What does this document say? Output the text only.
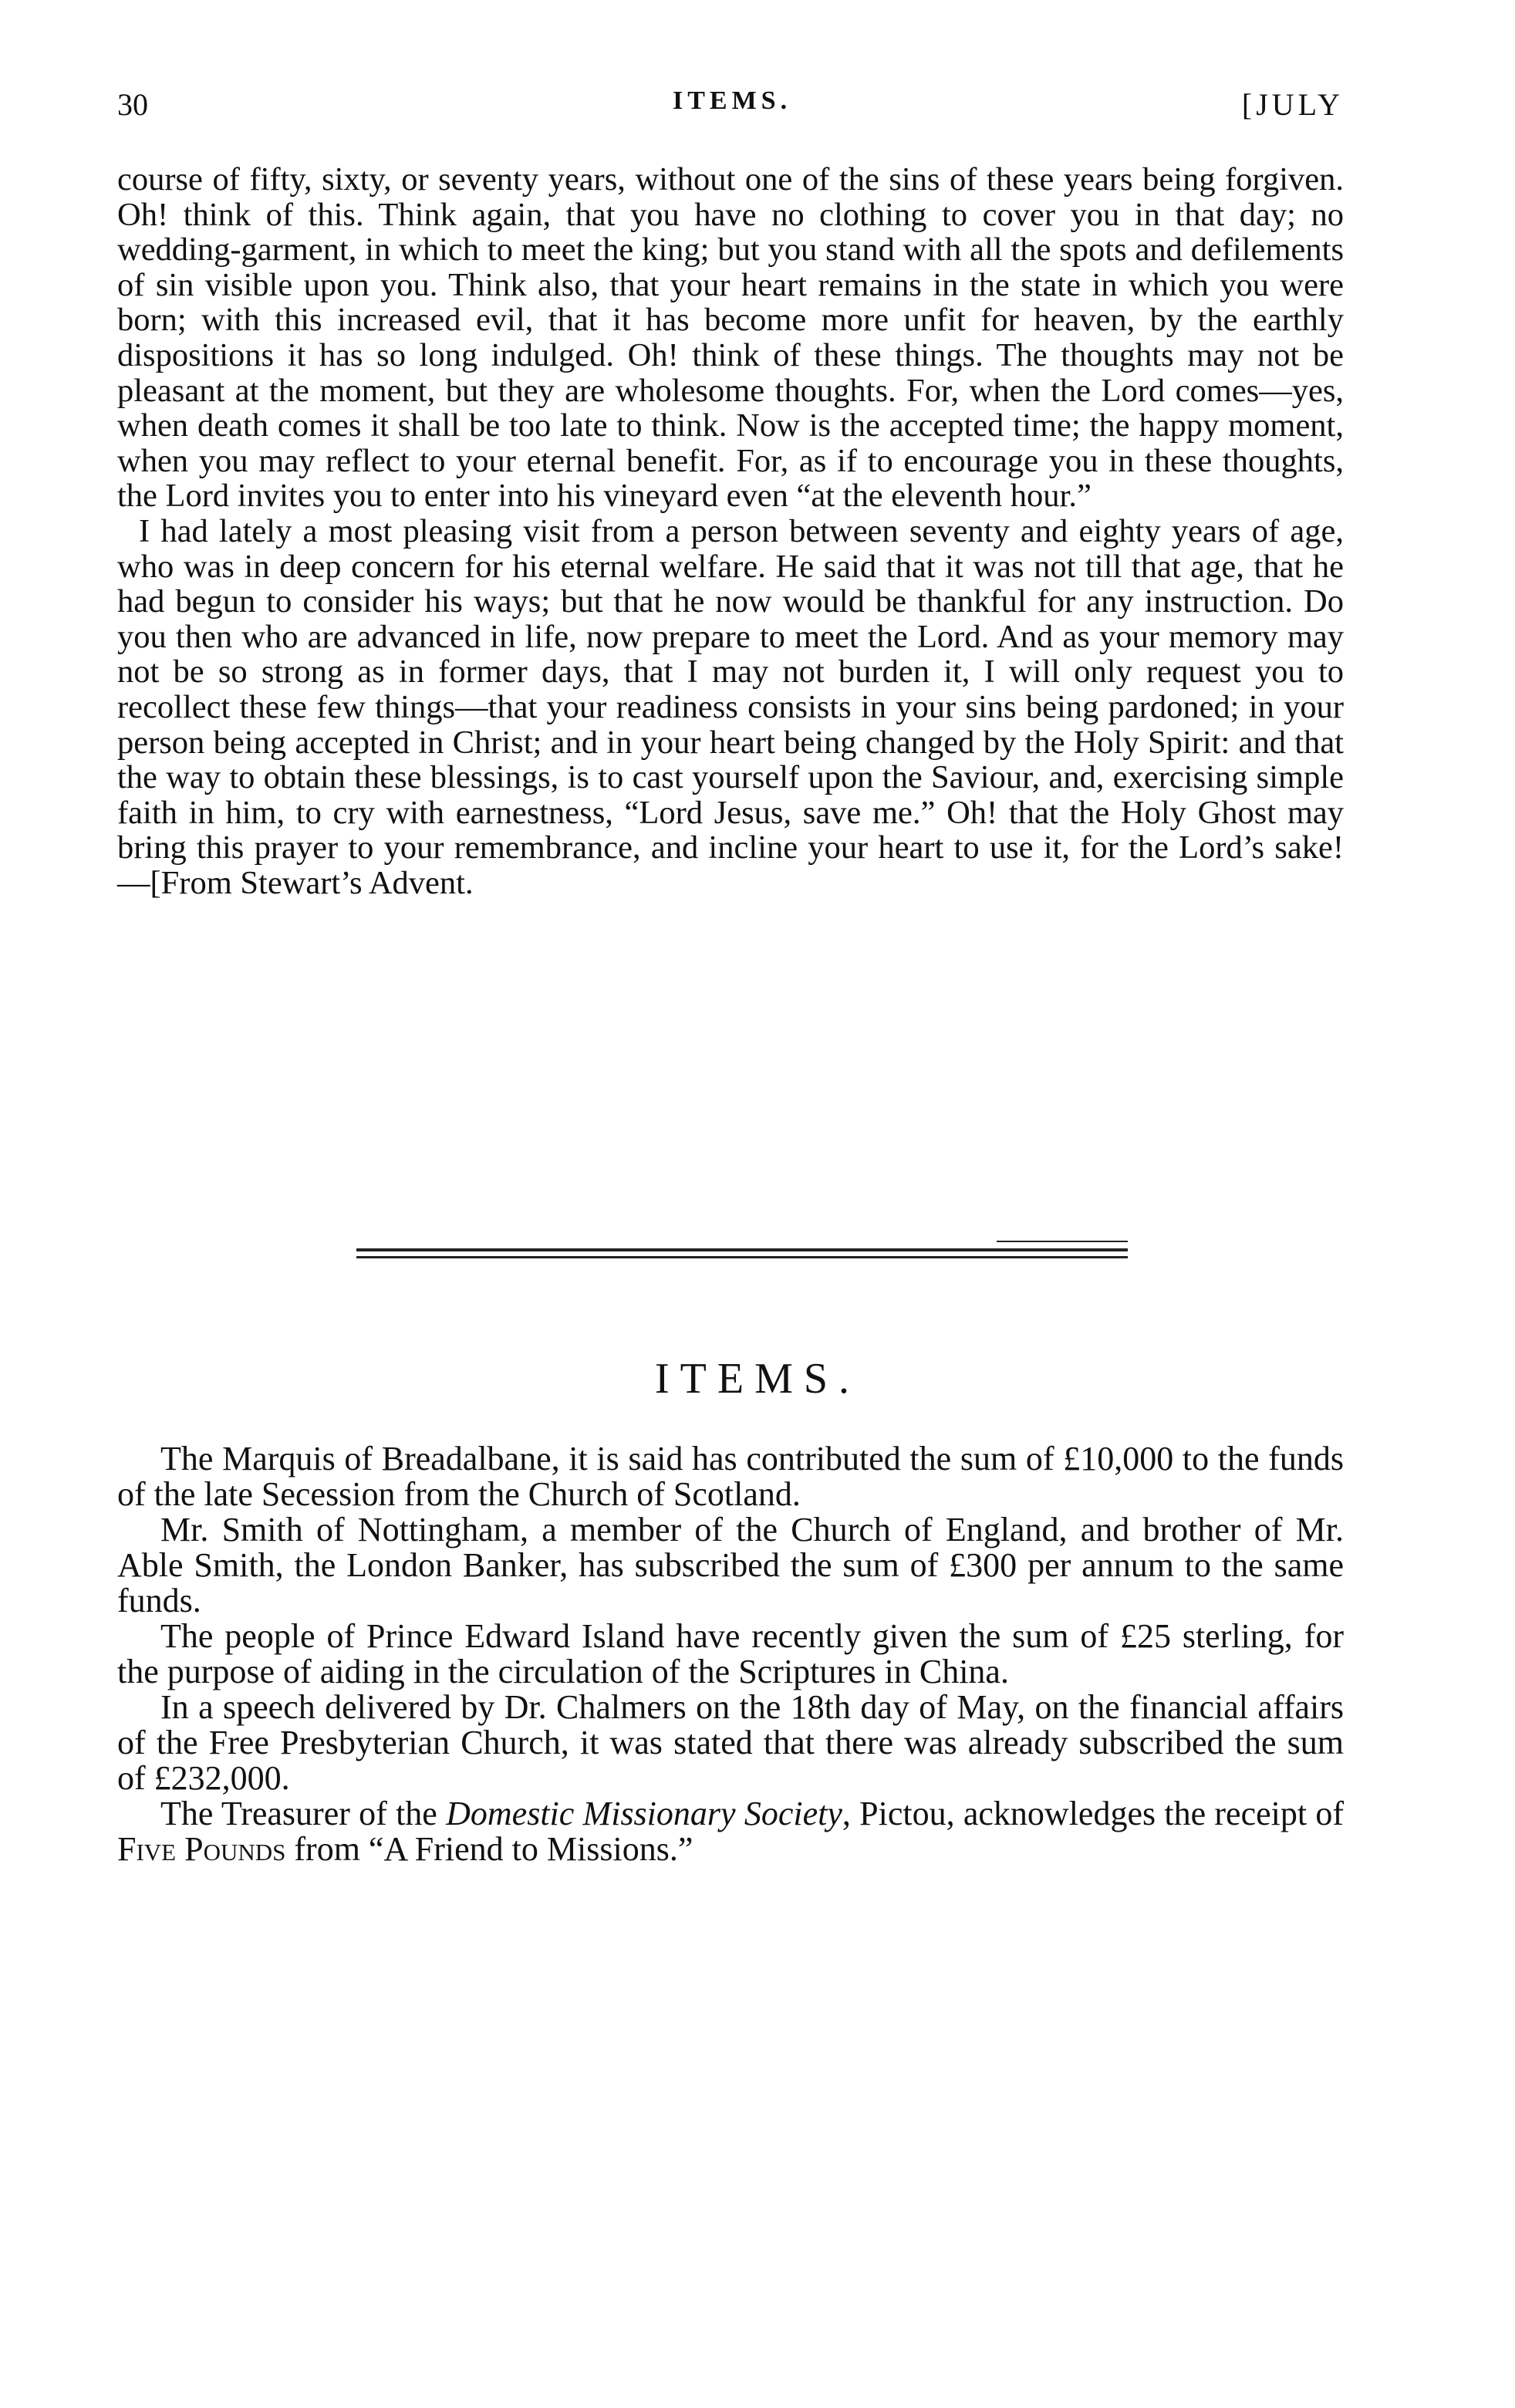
30	ITEMS.	[JULY

course of fifty, sixty, or seventy years, without one of the sins of these years being forgiven. Oh! think of this. Think again, that you have no clothing to cover you in that day; no wedding-garment, in which to meet the king; but you stand with all the spots and defilements of sin visible upon you. Think also, that your heart remains in the state in which you were born; with this increased evil, that it has become more unfit for heaven, by the earthly dispositions it has so long indulged. Oh! think of these things. The thoughts may not be pleasant at the moment, but they are wholesome thoughts. For, when the Lord comes—yes, when death comes it shall be too late to think. Now is the accepted time; the happy moment, when you may reflect to your eternal benefit. For, as if to encourage you in these thoughts, the Lord invites you to enter into his vineyard even “at the eleventh hour.”

I had lately a most pleasing visit from a person between seventy and eighty years of age, who was in deep concern for his eternal welfare. He said that it was not till that age, that he had begun to consider his ways; but that he now would be thankful for any instruction. Do you then who are advanced in life, now prepare to meet the Lord. And as your memory may not be so strong as in former days, that I may not burden it, I will only request you to recollect these few things—that your readiness consists in your sins being pardoned; in your person being accepted in Christ; and in your heart being changed by the Holy Spirit: and that the way to obtain these blessings, is to cast yourself upon the Saviour, and, exercising simple faith in him, to cry with earnestness, “Lord Jesus, save me.” Oh! that the Holy Ghost may bring this prayer to your remembrance, and incline your heart to use it, for the Lord’s sake!—[From Stewart’s Advent.

ITEMS.

The Marquis of Breadalbane, it is said has contributed the sum of £10,000 to the funds of the late Secession from the Church of Scotland.

Mr. Smith of Nottingham, a member of the Church of England, and brother of Mr. Able Smith, the London Banker, has subscribed the sum of £300 per annum to the same funds.

The people of Prince Edward Island have recently given the sum of £25 sterling, for the purpose of aiding in the circulation of the Scriptures in China.

In a speech delivered by Dr. Chalmers on the 18th day of May, on the financial affairs of the Free Presbyterian Church, it was stated that there was already subscribed the sum of £232,000.

The Treasurer of the Domestic Missionary Society, Pictou, acknowledges the receipt of Five Pounds from “A Friend to Missions.”
